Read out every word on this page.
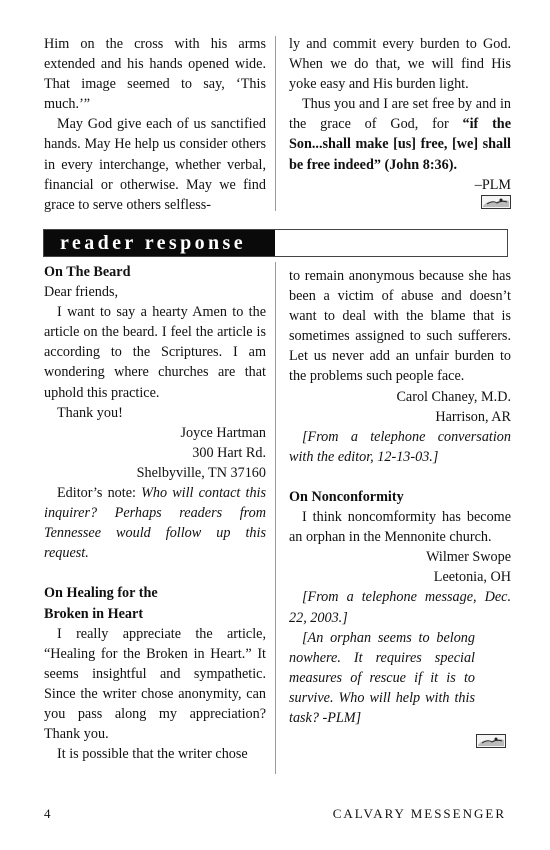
Him on the cross with his arms extended and his hands opened wide. That image seemed to say, ‘This much.’”

May God give each of us sanctified hands. May He help us consider others in every interchange, whether verbal, financial or otherwise. May we find grace to serve others selfless-

ly and commit every burden to God. When we do that, we will find His yoke easy and His burden light.

Thus you and I are set free by and in the grace of God, for “if the Son...shall make [us] free, [we] shall be free indeed” (John 8:36).

–PLM

reader response

On The Beard

Dear friends,

I want to say a hearty Amen to the article on the beard. I feel the article is according to the Scriptures. I am wondering where churches are that uphold this practice.

Thank you!

Joyce Hartman

300 Hart Rd.

Shelbyville, TN 37160

Editor’s note: Who will contact this inquirer? Perhaps readers from Tennessee would follow up this request.

On Healing for the

Broken in Heart

I really appreciate the article, “Healing for the Broken in Heart.” It seems insightful and sympathetic. Since the writer chose anonymity, can you pass along my appreciation? Thank you.

It is possible that the writer chose

to remain anonymous because she has been a victim of abuse and doesn’t want to deal with the blame that is sometimes assigned to such sufferers. Let us never add an unfair burden to the problems such people face.

Carol Chaney, M.D.

Harrison, AR

[From a telephone conversation with the editor, 12-13-03.]

On Nonconformity

I think noncomformity has become an orphan in the Mennonite church.

Wilmer Swope

Leetonia, OH

[From a telephone message, Dec. 22, 2003.]

[An orphan seems to belong nowhere. It requires special measures of rescue if it is to survive. Who will help with this task? -PLM]

4	CALVARY MESSENGER
